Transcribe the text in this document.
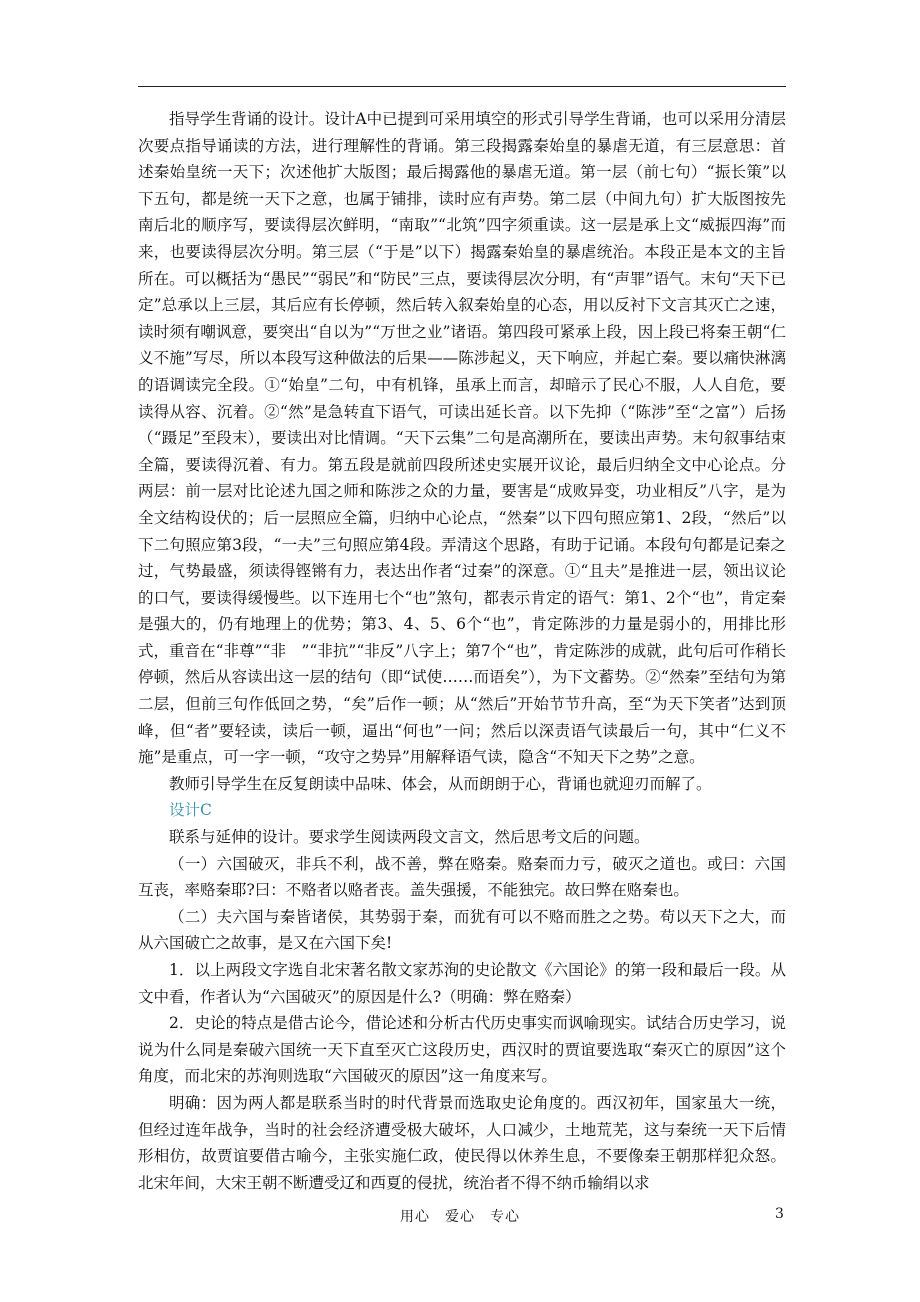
指导学生背诵的设计。设计A中已提到可采用填空的形式引导学生背诵，也可以采用分清层次要点指导诵读的方法，进行理解性的背诵。第三段揭露秦始皇的暴虐无道，有三层意思：首述秦始皇统一天下；次述他扩大版图；最后揭露他的暴虐无道。第一层（前七句）“振长策”以下五句，都是统一天下之意，也属于铺排，读时应有声势。第二层（中间九句）扩大版图按先南后北的顺序写，要读得层次鲜明，“南取”“北筑”四字须重读。这一层是承上文“威振四海”而来，也要读得层次分明。第三层（“于是”以下）揭露秦始皇的暴虐统治。本段正是本文的主旨所在。可以概括为“愚民”“弱民”和“防民”三点，要读得层次分明，有“声罪”语气。末句“天下已定”总承以上三层，其后应有长停顿，然后转入叙秦始皇的心态，用以反衬下文言其灭亡之速，读时须有嘲讽意，要突出“自以为”“万世之业”诸语。第四段可紧承上段，因上段已将秦王朝“仁义不施”写尽，所以本段写这种做法的后果——陈涉起义，天下响应，并起亡秦。要以痛快淋漓的语调读完全段。①“始皇”二句，中有机锋，虽承上而言，却暗示了民心不服，人人自危，要读得从容、沉着。②“然”是急转直下语气，可读出延长音。以下先抑（“陈涉”至“之富”）后扬（“蹑足”至段末），要读出对比情调。“天下云集”二句是高潮所在，要读出声势。末句叙事结束全篇，要读得沉着、有力。第五段是就前四段所述史实展开议论，最后归纳全文中心论点。分两层：前一层对比论述九国之师和陈涉之众的力量，要害是“成败异变，功业相反”八字，是为全文结构设伏的；后一层照应全篇，归纳中心论点，“然秦”以下四句照应第1、2段，“然后”以下二句照应第3段，“一夫”三句照应第4段。弄清这个思路，有助于记诵。本段句句都是记秦之过，气势最盛，须读得铿锵有力，表达出作者“过秦”的深意。①“且夫”是推进一层，领出议论的口气，要读得缓慢些。以下连用七个“也”煞句，都表示肯定的语气：第1、2个“也”，肯定秦是强大的，仍有地理上的优势；第3、4、5、6个“也”，肯定陈涉的力量是弱小的，用排比形式，重音在“非尊”“非　”“非抗”“非反”八字上；第7个“也”，肯定陈涉的成就，此句后可作稍长停顿，然后从容读出这一层的结句（即“试使……而语矣”），为下文蓄势。②“然秦”至结句为第二层，但前三句作低回之势，“矣”后作一顿；从“然后”开始节节升高，至“为天下笑者”达到顶峰，但“者”要轻读，读后一顿，逼出“何也”一问；然后以深责语气读最后一句，其中“仁义不施”是重点，可一字一顿，“攻守之势异”用解释语气读，隐含“不知天下之势”之意。

教师引导学生在反复朗读中品味、体会，从而朗朗于心，背诵也就迎刃而解了。

设计C

联系与延伸的设计。要求学生阅读两段文言文，然后思考文后的问题。

（一）六国破灭，非兵不利，战不善，弊在赂秦。赂秦而力亏，破灭之道也。或曰：六国互丧，率赂秦耶?曰：不赂者以赂者丧。盖失强援，不能独完。故曰弊在赂秦也。

（二）夫六国与秦皆诸侯，其势弱于秦，而犹有可以不赂而胜之之势。苟以天下之大，而从六国破亡之故事，是又在六国下矣!

1．以上两段文字选自北宋著名散文家苏洵的史论散文《六国论》的第一段和最后一段。从文中看，作者认为“六国破灭”的原因是什么?（明确：弊在赂秦）

2．史论的特点是借古论今，借论述和分析古代历史事实而讽喻现实。试结合历史学习，说说为什么同是秦破六国统一天下直至灭亡这段历史，西汉时的贾谊要选取“秦灭亡的原因”这个角度，而北宋的苏洵则选取“六国破灭的原因”这一角度来写。

明确：因为两人都是联系当时的时代背景而选取史论角度的。西汉初年，国家虽大一统，但经过连年战争，当时的社会经济遭受极大破坏，人口减少，土地荒芜，这与秦统一天下后情形相仿，故贾谊要借古喻今，主张实施仁政，使民得以休养生息，不要像秦王朝那样犯众怒。北宋年间，大宋王朝不断遭受辽和西夏的侵扰，统治者不得不纳币输绢以求

用心　爱心　专心	3
